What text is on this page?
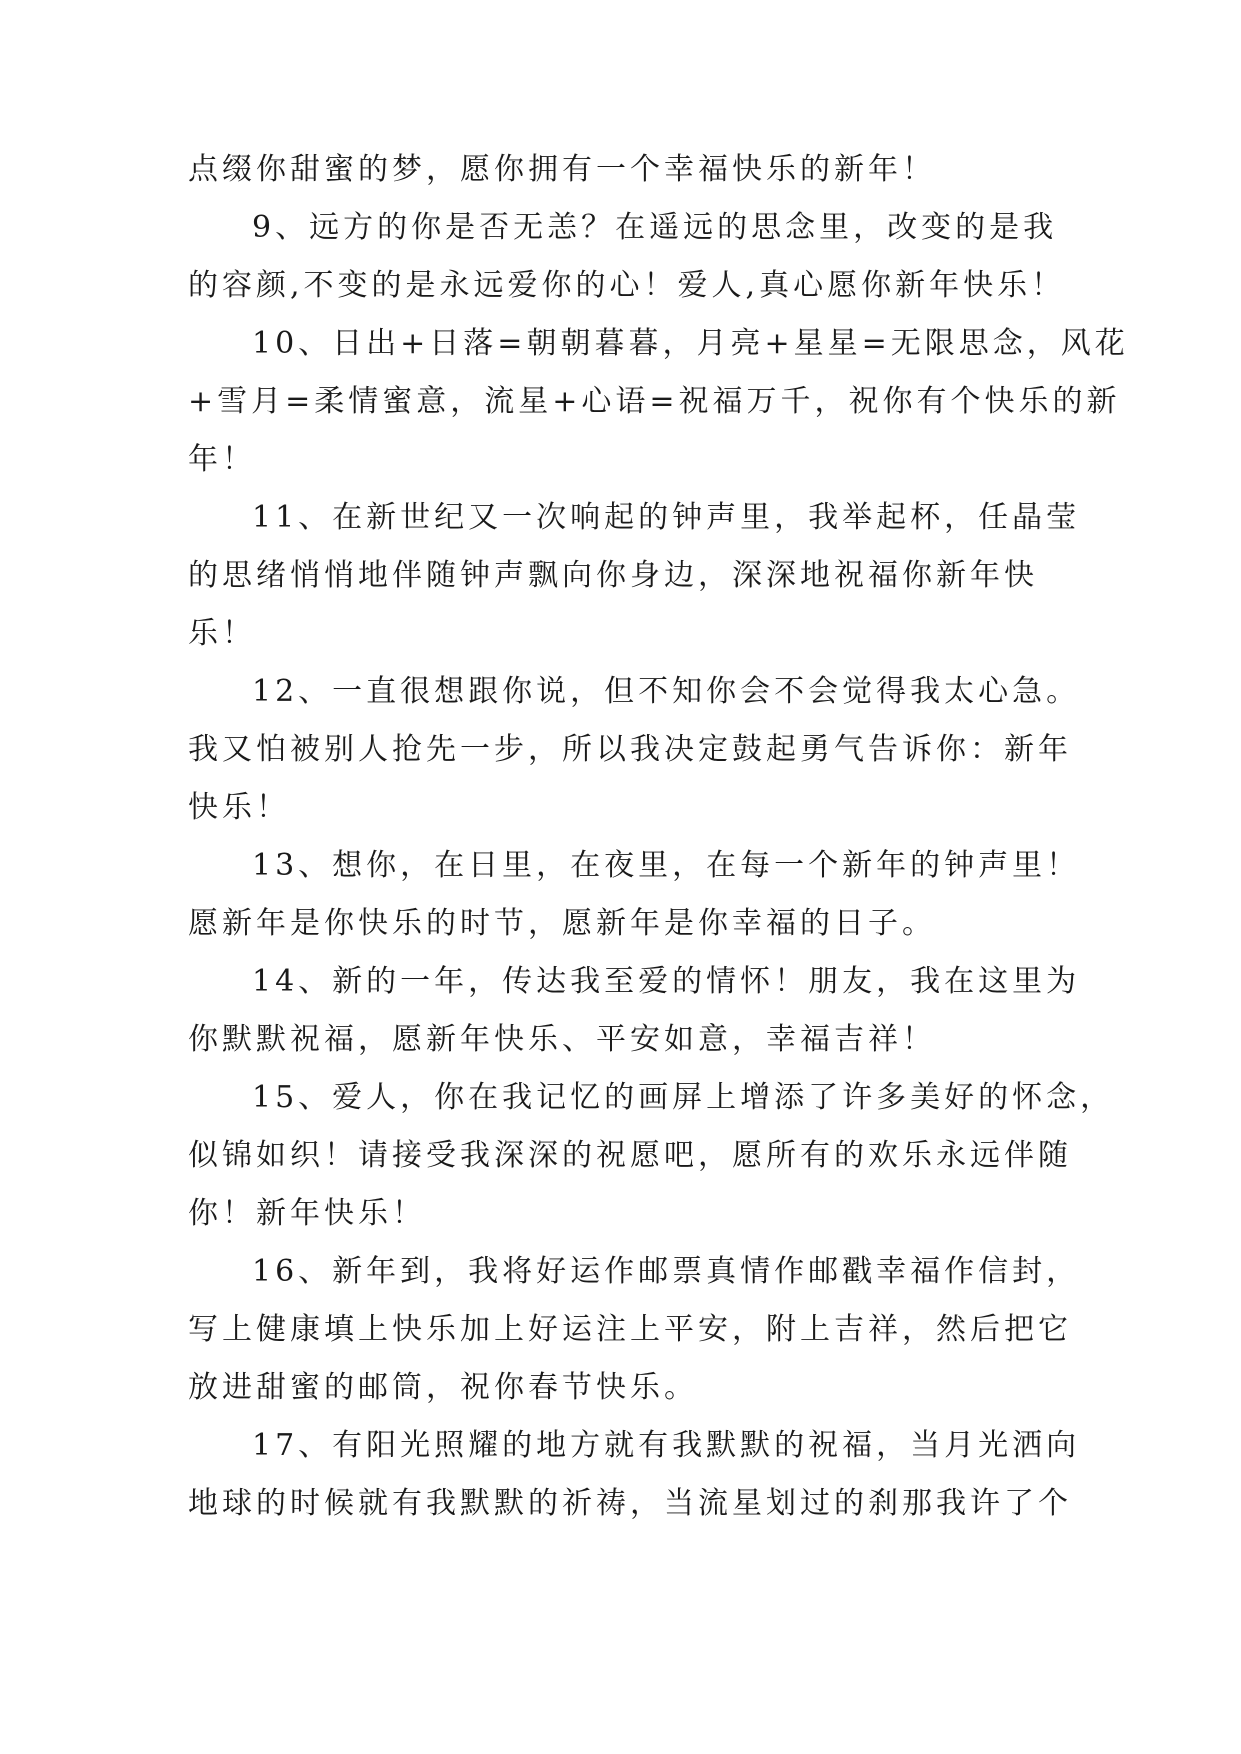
点缀你甜蜜的梦，愿你拥有一个幸福快乐的新年！
9、远方的你是否无恙？在遥远的思念里，改变的是我
的容颜,不变的是永远爱你的心！爱人,真心愿你新年快乐！
10、日出+日落=朝朝暮暮，月亮+星星=无限思念，风花
+雪月=柔情蜜意，流星+心语=祝福万千，祝你有个快乐的新
年！
11、在新世纪又一次响起的钟声里，我举起杯，任晶莹
的思绪悄悄地伴随钟声飘向你身边，深深地祝福你新年快
乐！
12、一直很想跟你说，但不知你会不会觉得我太心急。
我又怕被别人抢先一步，所以我决定鼓起勇气告诉你：新年
快乐！
13、想你，在日里，在夜里，在每一个新年的钟声里！
愿新年是你快乐的时节，愿新年是你幸福的日子。
14、新的一年，传达我至爱的情怀！朋友，我在这里为
你默默祝福，愿新年快乐、平安如意，幸福吉祥！
15、爱人，你在我记忆的画屏上增添了许多美好的怀念，
似锦如织！请接受我深深的祝愿吧，愿所有的欢乐永远伴随
你！新年快乐！
16、新年到，我将好运作邮票真情作邮戳幸福作信封，
写上健康填上快乐加上好运注上平安，附上吉祥，然后把它
放进甜蜜的邮筒，祝你春节快乐。
17、有阳光照耀的地方就有我默默的祝福，当月光洒向
地球的时候就有我默默的祈祷，当流星划过的刹那我许了个
